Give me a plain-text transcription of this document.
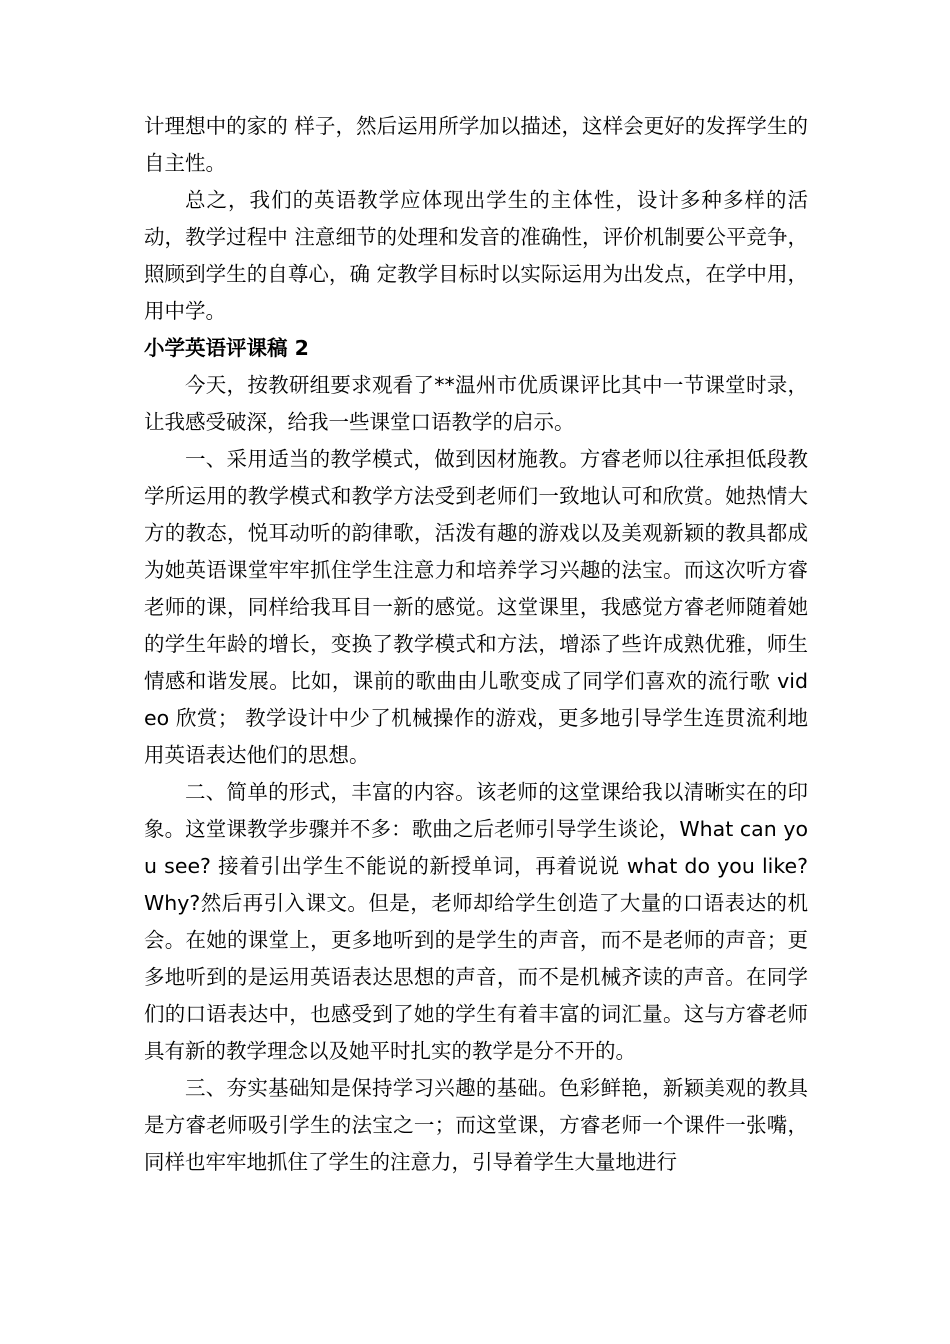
计理想中的家的 样子，然后运用所学加以描述，这样会更好的发挥学生的自主性。

总之，我们的英语教学应体现出学生的主体性，设计多种多样的活动，教学过程中 注意细节的处理和发音的准确性，评价机制要公平竞争，照顾到学生的自尊心，确 定教学目标时以实际运用为出发点，在学中用，用中学。

小学英语评课稿 2

今天，按教研组要求观看了**温州市优质课评比其中一节课堂时录，让我感受破深，给我一些课堂口语教学的启示。

一、采用适当的教学模式，做到因材施教。方睿老师以往承担低段教学所运用的教学模式和教学方法受到老师们一致地认可和欣赏。她热情大方的教态，悦耳动听的韵律歌，活泼有趣的游戏以及美观新颖的教具都成为她英语课堂牢牢抓住学生注意力和培养学习兴趣的法宝。而这次听方睿老师的课，同样给我耳目一新的感觉。这堂课里，我感觉方睿老师随着她的学生年龄的增长，变换了教学模式和方法，增添了些许成熟优雅，师生情感和谐发展。比如，课前的歌曲由儿歌变成了同学们喜欢的流行歌 video 欣赏； 教学设计中少了机械操作的游戏，更多地引导学生连贯流利地用英语表达他们的思想。

二、简单的形式，丰富的内容。该老师的这堂课给我以清晰实在的印象。这堂课教学步骤并不多：歌曲之后老师引导学生谈论，What can you see? 接着引出学生不能说的新授单词，再着说说 what do you like? Why?然后再引入课文。但是，老师却给学生创造了大量的口语表达的机会。在她的课堂上，更多地听到的是学生的声音，而不是老师的声音；更多地听到的是运用英语表达思想的声音，而不是机械齐读的声音。在同学们的口语表达中，也感受到了她的学生有着丰富的词汇量。这与方睿老师具有新的教学理念以及她平时扎实的教学是分不开的。

三、夯实基础知是保持学习兴趣的基础。色彩鲜艳，新颖美观的教具是方睿老师吸引学生的法宝之一；而这堂课，方睿老师一个课件一张嘴，同样也牢牢地抓住了学生的注意力，引导着学生大量地进行
